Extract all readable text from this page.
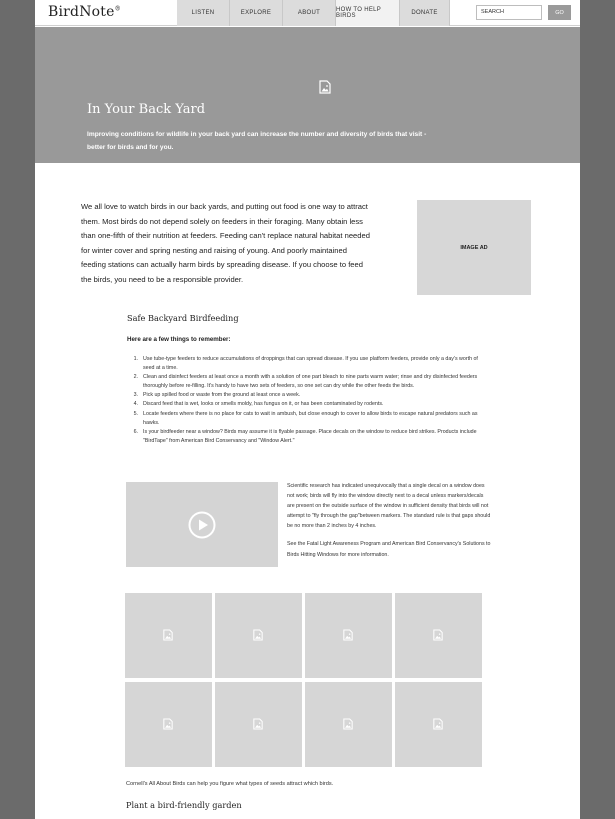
BirdNote®
LISTEN	EXPLORE	ABOUT	HOW TO HELP BIRDS	DONATE	SEARCH	GO
In Your Back Yard
Improving conditions for wildlife in your back yard can increase the number and diversity of birds that visit - better for birds and for you.

We all love to watch birds in our back yards, and putting out food is one way to attract them. Most birds do not depend solely on feeders in their foraging. Many obtain less than one-fifth of their nutrition at feeders. Feeding can't replace natural habitat needed for winter cover and spring nesting and raising of young. And poorly maintained feeding stations can actually harm birds by spreading disease. If you choose to feed the birds, you need to be a responsible provider.

IMAGE AD
Safe Backyard Birdfeeding
Here are a few things to remember:
1. Use tube-type feeders to reduce accumulations of droppings that can spread disease. If you use platform feeders, provide only a day's worth of seed at a time.
2. Clean and disinfect feeders at least once a month with a solution of one part bleach to nine parts warm water; rinse and dry disinfected feeders thoroughly before re-filling. It's handy to have two sets of feeders, so one set can dry while the other feeds the birds.
3. Pick up spilled food or waste from the ground at least once a week.
4. Discard feed that is wet, looks or smells moldy, has fungus on it, or has been contaminated by rodents.
5. Locate feeders where there is no place for cats to wait in ambush, but close enough to cover to allow birds to escape natural predators such as hawks.
6. Is your birdfeeder near a window? Birds may assume it is flyable passage. Place decals on the window to reduce bird strikes. Products include "BirdTape" from American Bird Conservancy and "Window Alert."

Scientific research has indicated unequivocally that a single decal on a window does not work; birds will fly into the window directly next to a decal unless markers/decals are present on the outside surface of the window in sufficient density that birds will not attempt to "fly through the gap"between markers. The standard rule is that gaps should be no more than 2 inches by 4 inches.

See the Fatal Light Awareness Program and American Bird Conservancy's Solutions to Birds Hitting Windows for more information.

Cornell's All About Birds can help you figure what types of seeds attract which birds.
Plant a bird-friendly garden
